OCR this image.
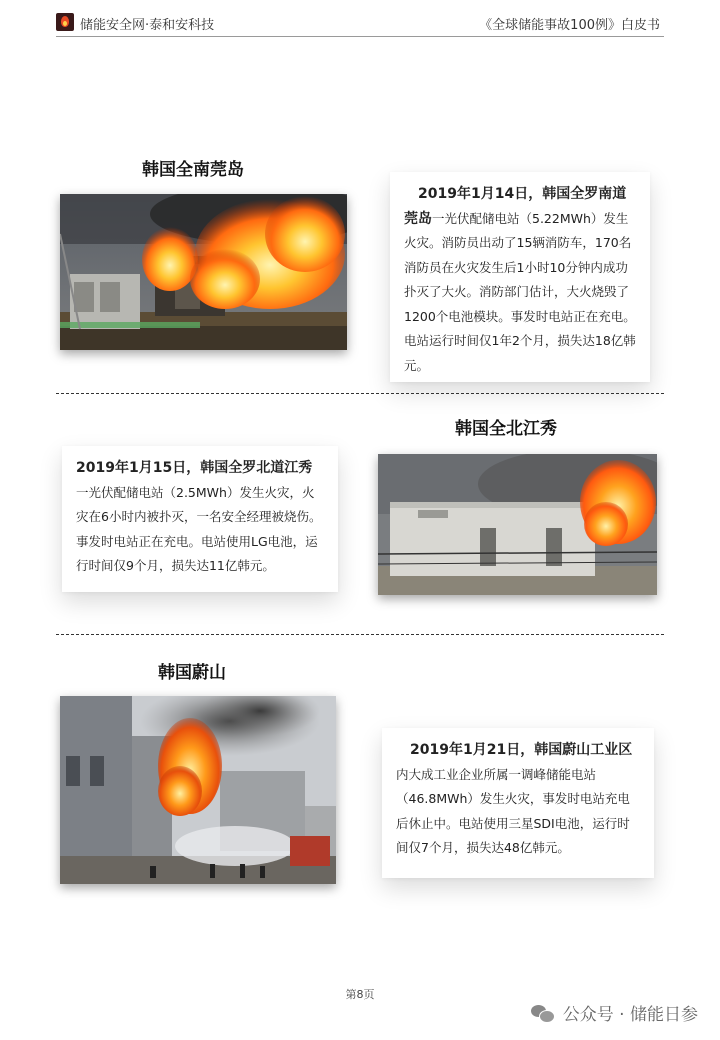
储能安全网·泰和安科技	《全球储能事故100例》白皮书
韩国全南莞岛
2019年1月14日，韩国全罗南道莞岛一光伏配储电站（5.22MWh）发生火灾。消防员出动了15辆消防车，170名消防员在火灾发生后1小时10分钟内成功扑灭了大火。消防部门估计，大火烧毁了1200个电池模块。事发时电站正在充电。电站运行时间仅1年2个月，损失达18亿韩元。
韩国全北江秀
2019年1月15日，韩国全罗北道江秀一光伏配储电站（2.5MWh）发生火灾，火灾在6小时内被扑灭，一名安全经理被烧伤。事发时电站正在充电。电站使用LG电池，运行时间仅9个月，损失达11亿韩元。
韩国蔚山
2019年1月21日，韩国蔚山工业区内大成工业企业所属一调峰储能电站（46.8MWh）发生火灾，事发时电站充电后休止中。电站使用三星SDI电池，运行时间仅7个月，损失达48亿韩元。
第8页
公众号 · 储能日参
